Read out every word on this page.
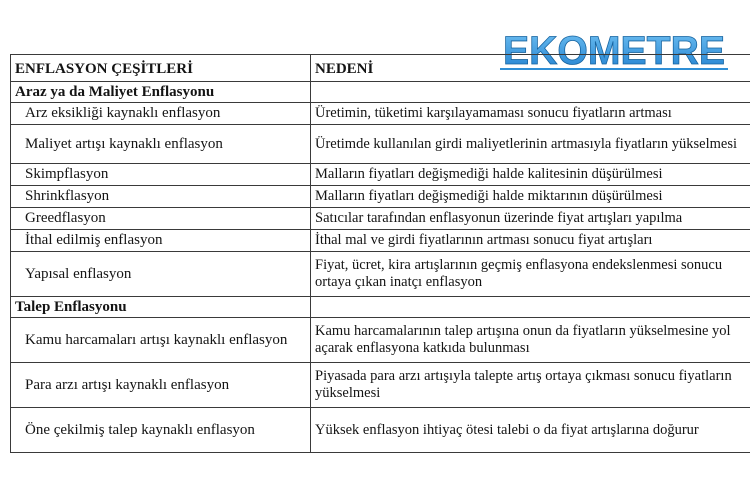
EKOMETRE
ENFLASYON ÇEŞİTLERİ	NEDENİ
Araz ya da Maliyet Enflasyonu	
Arz eksikliği kaynaklı enflasyon	Üretimin, tüketimi karşılayamaması sonucu fiyatların artması
Maliyet artışı kaynaklı enflasyon	Üretimde kullanılan girdi maliyetlerinin artmasıyla fiyatların yükselmesi
Skimpflasyon	Malların fiyatları değişmediği halde kalitesinin düşürülmesi
Shrinkflasyon	Malların fiyatları değişmediği halde miktarının düşürülmesi
Greedflasyon	Satıcılar tarafından enflasyonun üzerinde fiyat artışları yapılma
İthal edilmiş enflasyon	İthal mal ve girdi fiyatlarının artması sonucu fiyat artışları
Yapısal enflasyon	Fiyat, ücret, kira artışlarının geçmiş enflasyona endekslenmesi sonucu ortaya çıkan inatçı enflasyon
Talep Enflasyonu	
Kamu harcamaları artışı kaynaklı enflasyon	Kamu harcamalarının talep artışına onun da fiyatların yükselmesine yol açarak enflasyona katkıda bulunması
Para arzı artışı kaynaklı enflasyon	Piyasada para arzı artışıyla talepte artış ortaya çıkması sonucu fiyatların yükselmesi
Öne çekilmiş talep kaynaklı enflasyon	Yüksek enflasyon ihtiyaç ötesi talebi o da fiyat artışlarına doğurur
